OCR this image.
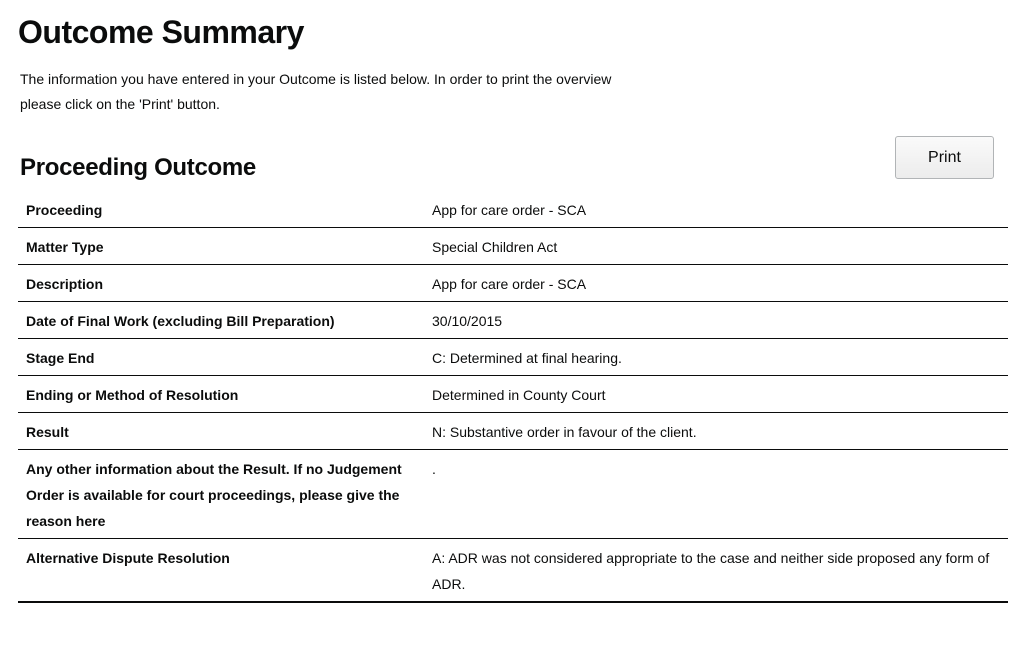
Outcome Summary

The information you have entered in your Outcome is listed below. In order to print the overview please click on the 'Print' button.

Proceeding Outcome	Print
Proceeding	App for care order - SCA
Matter Type	Special Children Act
Description	App for care order - SCA
Date of Final Work (excluding Bill Preparation)	30/10/2015
Stage End	C: Determined at final hearing.
Ending or Method of Resolution	Determined in County Court
Result	N: Substantive order in favour of the client.
Any other information about the Result. If no Judgement Order is available for court proceedings, please give the reason here	.
Alternative Dispute Resolution	A: ADR was not considered appropriate to the case and neither side proposed any form of ADR.
